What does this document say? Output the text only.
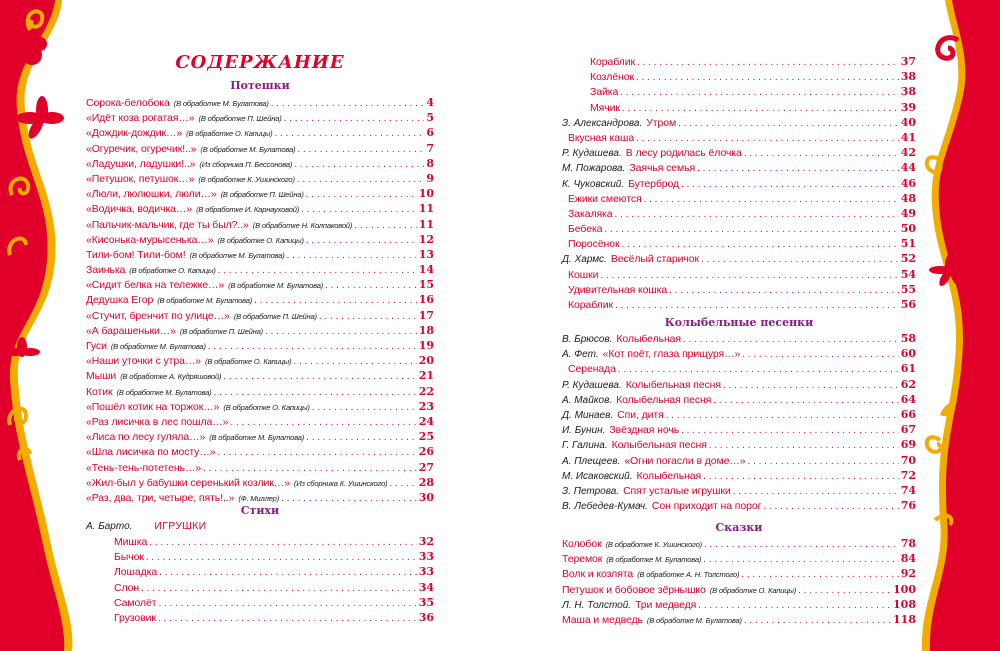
СОДЕРЖАНИЕ
Потешки
Сорока-белобока (В обработке М. Булатова) . . .	4
«Идёт коза рогатая…» (В обработке П. Шейна) . . .	5
«Дождик-дождик…» (В обработке О. Капицы) . . .	6
«Огуречик, огуречик!..» (В обработке М. Булатова) . . .	7
«Ладушки, ладушки!..» (Из сборника П. Бессонова) . . .	8
«Петушок, петушок…» (В обработке К. Ушинского) . . .	9
«Люли, люлюшки, люли…» (В обработке П. Шейна) . . .	10
«Водичка, водичка…» (В обработке И. Карнауховой) . . .	11
«Пальчик-мальчик, где ты был?..» (В обработке Н. Колпаковой) . . .	11
«Кисонька-мурысенька…» (В обработке О. Капицы) . . .	12
Тили-бом! Тили-бом! (В обработке М. Булатова) . . .	13
Заинька (В обработке О. Капицы) . . .	14
«Сидит белка на тележке…» (В обработке М. Булатова) . . .	15
Дедушка Егор (В обработке М. Булатова) . . .	16
«Стучит, бренчит по улице…» (В обработке П. Шейна) . . .	17
«А барашеньки…» (В обработке П. Шейна) . . .	18
Гуси (В обработке М. Булатова) . . .	19
«Наши уточки с утра…» (В обработке О. Капицы) . . .	20
Мыши (В обработке А. Кудряшовой) . . .	21
Котик (В обработке М. Булатова) . . .	22
«Пошёл котик на торжок…» (В обработке О. Капицы) . . .	23
«Раз лисичка в лес пошла…» . . .	24
«Лиса по лесу гуляла…» (В обработке М. Булатова) . . .	25
«Шла лисичка по мосту…» . . .	26
«Тень-тень-потетень…» . . .	27
«Жил-был у бабушки серенький козлик…» (Из сборника К. Ушинского) . . .	28
«Раз, два, три, четыре, пять!..» (Ф. Миллер) . . .	30
Стихи
А. Барто. ИГРУШКИ
Мишка . . .	32
Бычок . . .	33
Лошадка . . .	33
Слон . . .	34
Самолёт . . .	35
Грузовик . . .	36
Кораблик . . .	37
Козлёнок . . .	38
Зайка . . .	38
Мячик . . .	39
З. Александрова. Утром . . .	40
Вкусная каша . . .	41
Р. Кудашева. В лесу родилась ёлочка . . .	42
М. Пожарова. Заячья семья . . .	44
К. Чуковский. Бутерброд . . .	46
Ежики смеются . . .	48
Закаляка . . .	49
Бебека . . .	50
Поросёнок . . .	51
Д. Хармс. Весёлый старичок . . .	52
Кошки . . .	54
Удивительная кошка . . .	55
Кораблик . . .	56
Колыбельные песенки
В. Брюсов. Колыбельная . . .	58
А. Фет. «Кот поёт, глаза прищуря…» . . .	60
Серенада . . .	61
Р. Кудашева. Колыбельная песня . . .	62
А. Майков. Колыбельная песня . . .	64
Д. Минаев. Спи, дитя . . .	66
И. Бунин. Звёздная ночь . . .	67
Г. Галина. Колыбельная песня . . .	69
А. Плещеев. «Огни погасли в доме…» . . .	70
М. Исаковский. Колыбельная . . .	72
З. Петрова. Спят усталые игрушки . . .	74
В. Лебедев-Кумач. Сон приходит на порог . . .	76
Сказки
Колобок (В обработке К. Ушинского) . . .	78
Теремок (В обработке М. Булатова) . . .	84
Волк и козлята (В обработке А. Н. Толстого) . . .	92
Петушок и бобовое зёрнышко (В обработке О. Капицы) . . .	100
Л. Н. Толстой. Три медведя . . .	108
Маша и медведь (В обработке М. Булатова) . . .	118
